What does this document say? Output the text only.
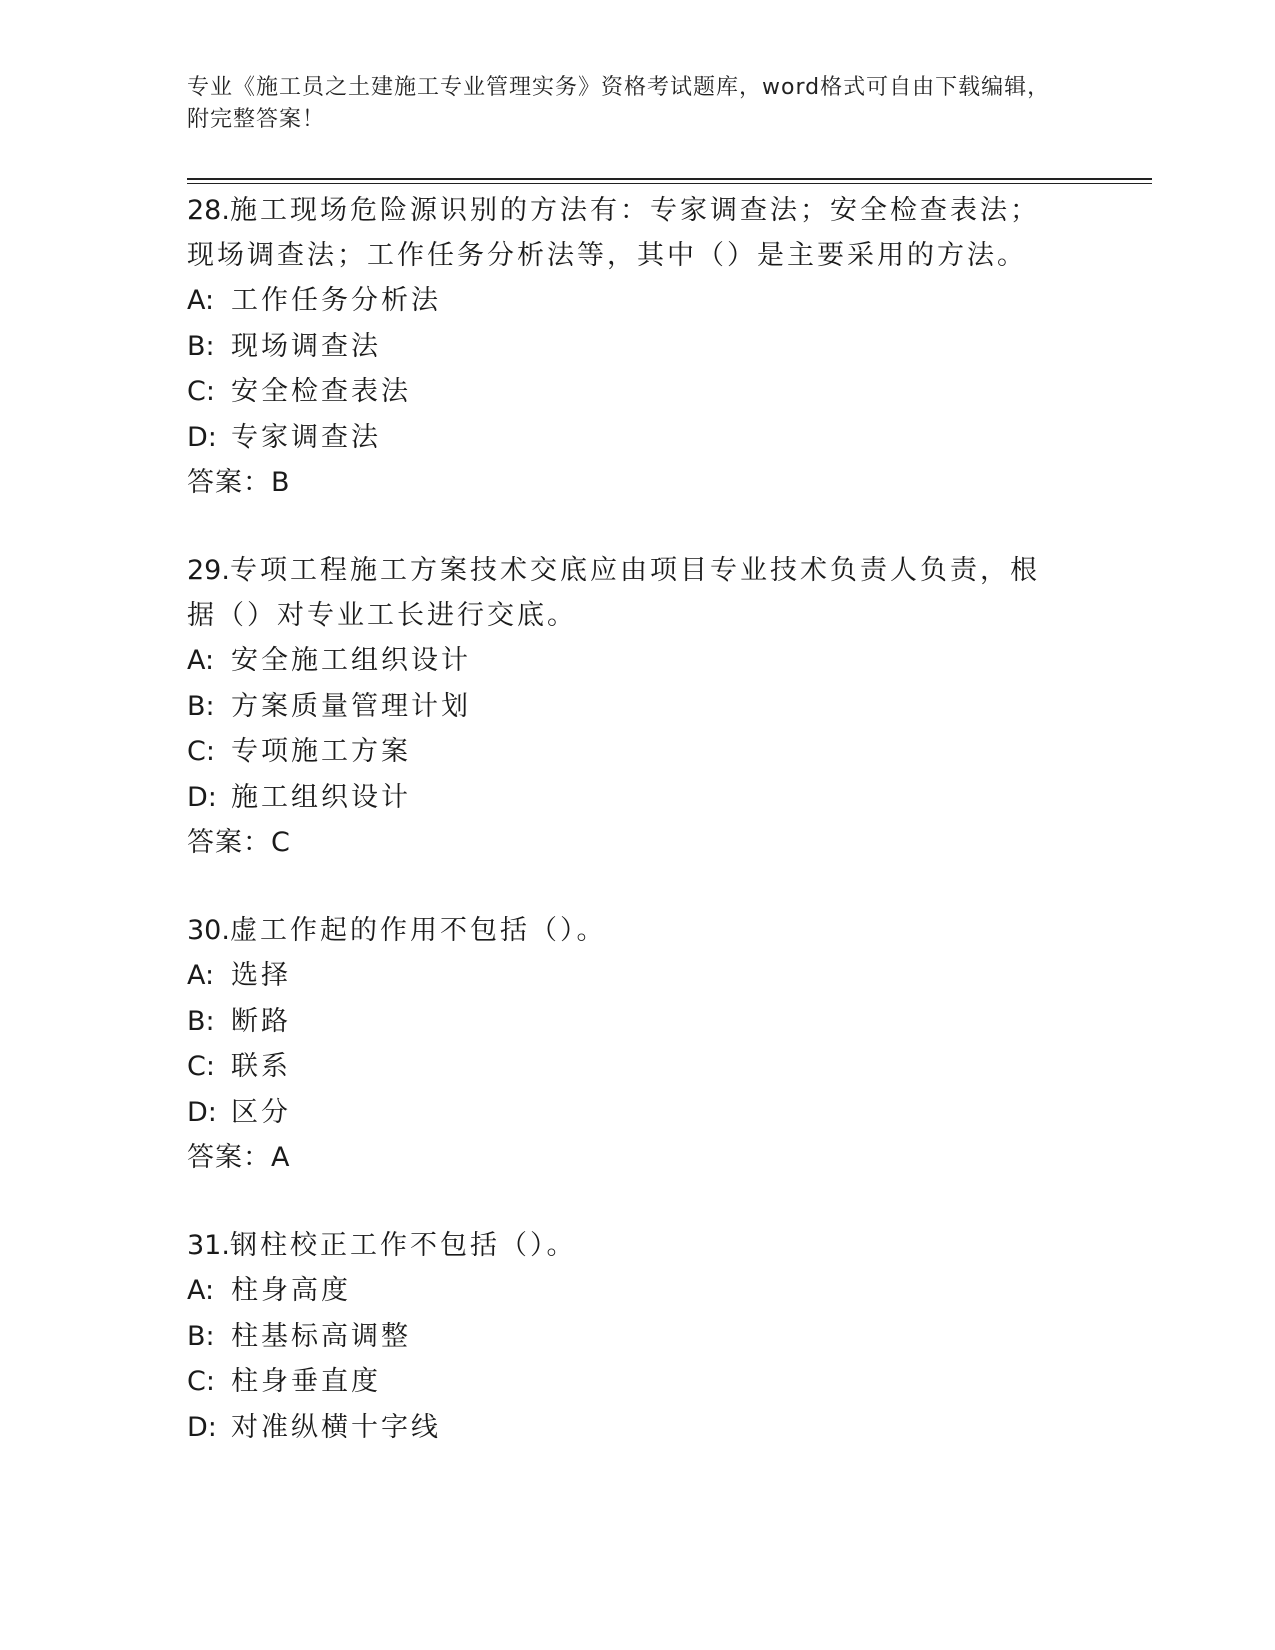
专业《施工员之土建施工专业管理实务》资格考试题库，word格式可自由下载编辑，附完整答案！

28.施工现场危险源识别的方法有：专家调查法；安全检查表法；现场调查法；工作任务分析法等，其中（）是主要采用的方法。

A: 工作任务分析法
B: 现场调查法
C: 安全检查表法
D: 专家调查法
答案：B

29.专项工程施工方案技术交底应由项目专业技术负责人负责，根据（）对专业工长进行交底。

A: 安全施工组织设计
B: 方案质量管理计划
C: 专项施工方案
D: 施工组织设计
答案：C

30.虚工作起的作用不包括（）。

A: 选择
B: 断路
C: 联系
D: 区分
答案：A

31.钢柱校正工作不包括（）。

A: 柱身高度
B: 柱基标高调整
C: 柱身垂直度
D: 对准纵横十字线
